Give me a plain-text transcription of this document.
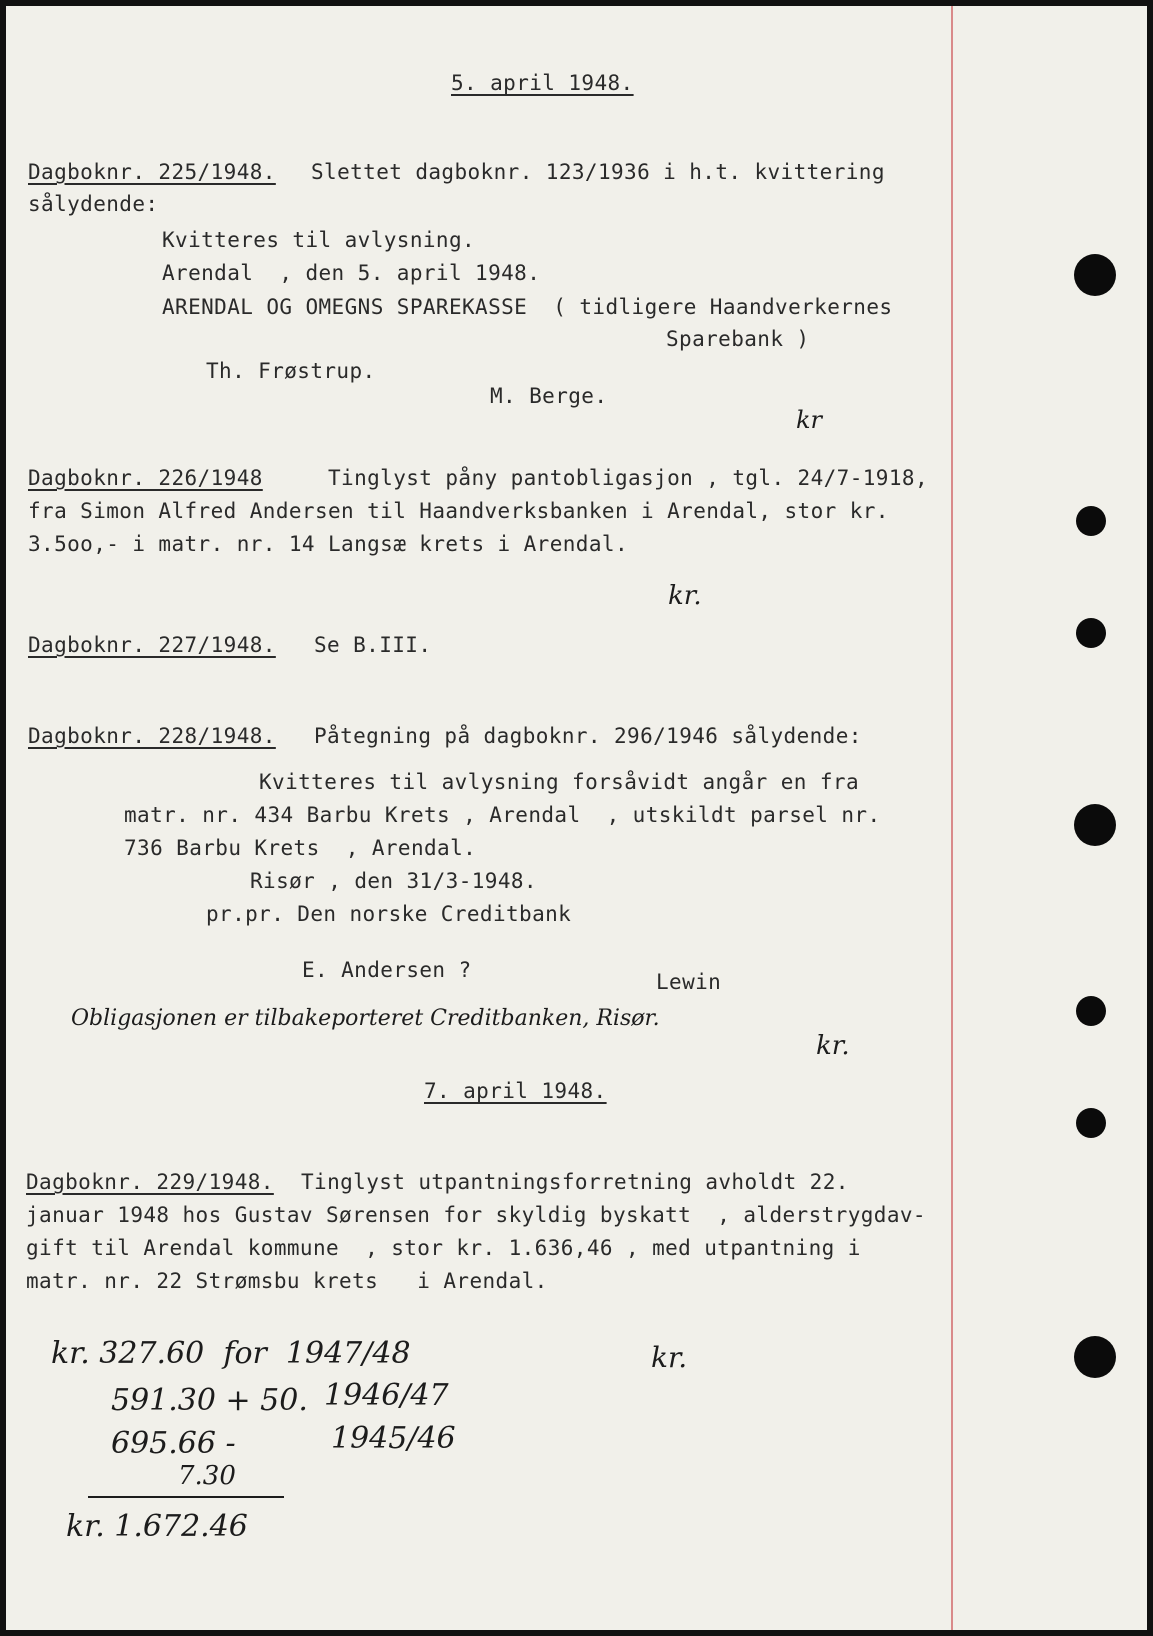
5. april 1948.
Dagboknr. 225/1948. Slettet dagboknr. 123/1936 i h.t. kvittering
sålydende:
Kvitteres til avlysning.
Arendal  , den 5. april 1948.
ARENDAL OG OMEGNS SPAREKASSE  ( tidligere Haandverkernes
Sparebank )
Th. Frøstrup.
M. Berge.
kr
Dagboknr. 226/1948	Tinglyst påny pantobligasjon , tgl. 24/7-1918,
fra Simon Alfred Andersen til Haandverksbanken i Arendal, stor kr.
3.5oo,- i matr. nr. 14 Langsæ krets i Arendal.
kr.
Dagboknr. 227/1948. Se B.III.
Dagboknr. 228/1948. Påtegning på dagboknr. 296/1946 sålydende:
Kvitteres til avlysning forsåvidt angår en fra
matr. nr. 434 Barbu Krets , Arendal  , utskildt parsel nr.
736 Barbu Krets  , Arendal.
Risør , den 31/3-1948.
pr.pr. Den norske Creditbank
E. Andersen ?	Lewin
Obligasjonen er tilbakeporteret Creditbanken, Risør.
kr.
7. april 1948.
Dagboknr. 229/1948. Tinglyst utpantningsforretning avholdt 22.
januar 1948 hos Gustav Sørensen for skyldig byskatt  , alderstrygdav-
gift til Arendal kommune  , stor kr. 1.636,46 , med utpantning i
matr. nr. 22 Strømsbu krets   i Arendal.
kr.
kr. 327.60  for  1947/48
591.30 + 50. 1946/47
695.66 -	1945/46
7.30
kr. 1.672.46
